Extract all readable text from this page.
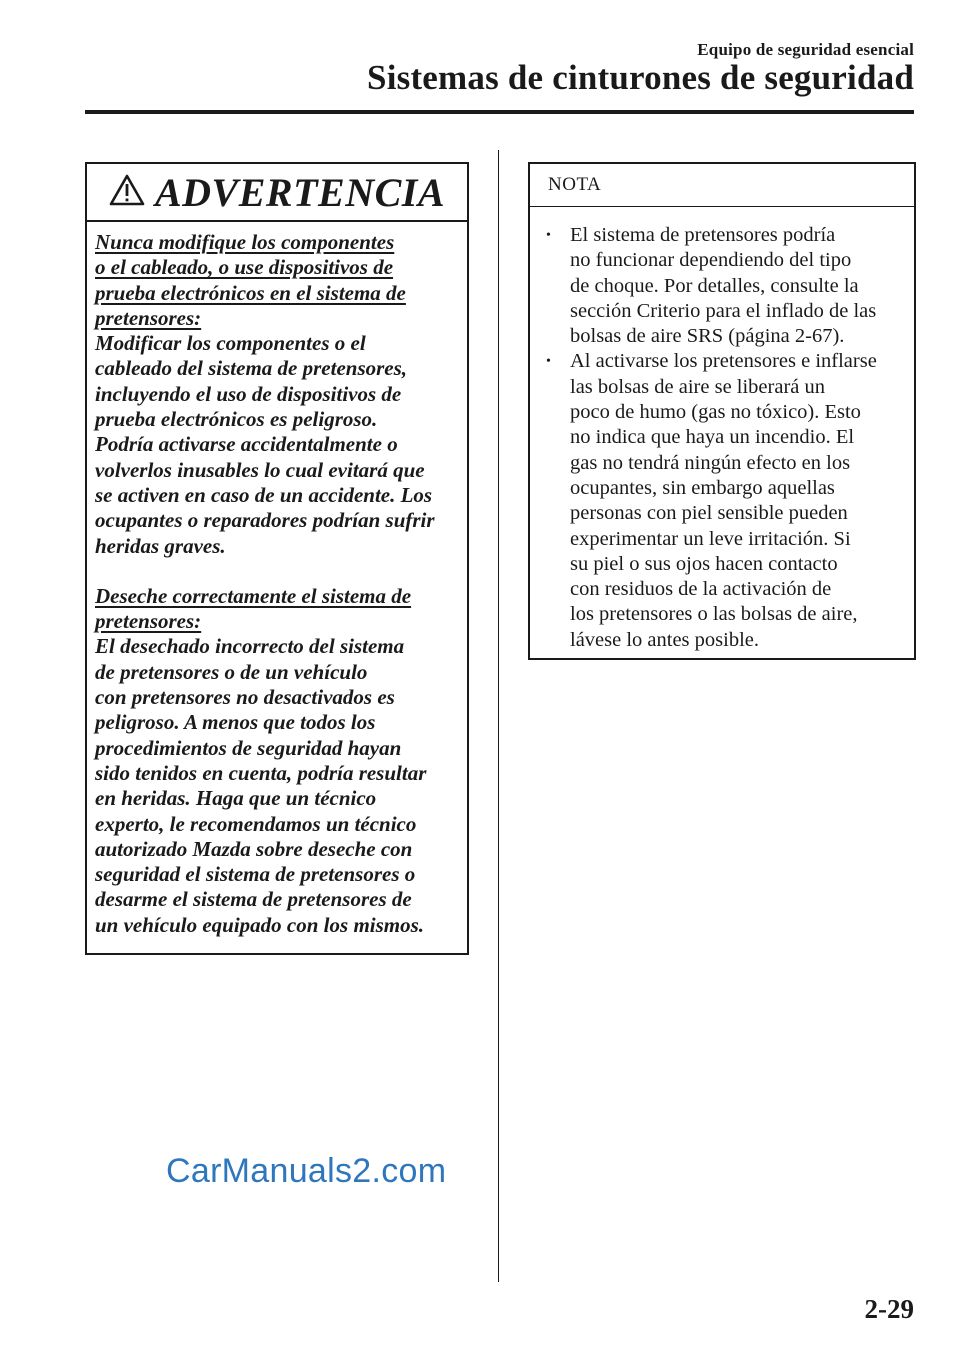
Equipo de seguridad esencial
Sistemas de cinturones de seguridad
ADVERTENCIA

Nunca modifique los componentes

o el cableado, o use dispositivos de

prueba electrónicos en el sistema de

pretensores:

Modificar los componentes o el

cableado del sistema de pretensores,

incluyendo el uso de dispositivos de

prueba electrónicos es peligroso.

Podría activarse accidentalmente o

volverlos inusables lo cual evitará que

se activen en caso de un accidente. Los

ocupantes o reparadores podrían sufrir

heridas graves.

Deseche correctamente el sistema de

pretensores:

El desechado incorrecto del sistema

de pretensores o de un vehículo

con pretensores no desactivados es

peligroso. A menos que todos los

procedimientos de seguridad hayan

sido tenidos en cuenta, podría resultar

en heridas. Haga que un técnico

experto, le recomendamos un técnico

autorizado Mazda sobre deseche con

seguridad el sistema de pretensores o

desarme el sistema de pretensores de

un vehículo equipado con los mismos.

NOTA
• El sistema de pretensores podría
no funcionar dependiendo del tipo
de choque. Por detalles, consulte la
sección Criterio para el inflado de las
bolsas de aire SRS (página 2-67).
• Al activarse los pretensores e inflarse
las bolsas de aire se liberará un
poco de humo (gas no tóxico). Esto
no indica que haya un incendio. El
gas no tendrá ningún efecto en los
ocupantes, sin embargo aquellas
personas con piel sensible pueden
experimentar un leve irritación. Si
su piel o sus ojos hacen contacto
con residuos de la activación de
los pretensores o las bolsas de aire,
lávese lo antes posible.
CarManuals2.com
2-29
